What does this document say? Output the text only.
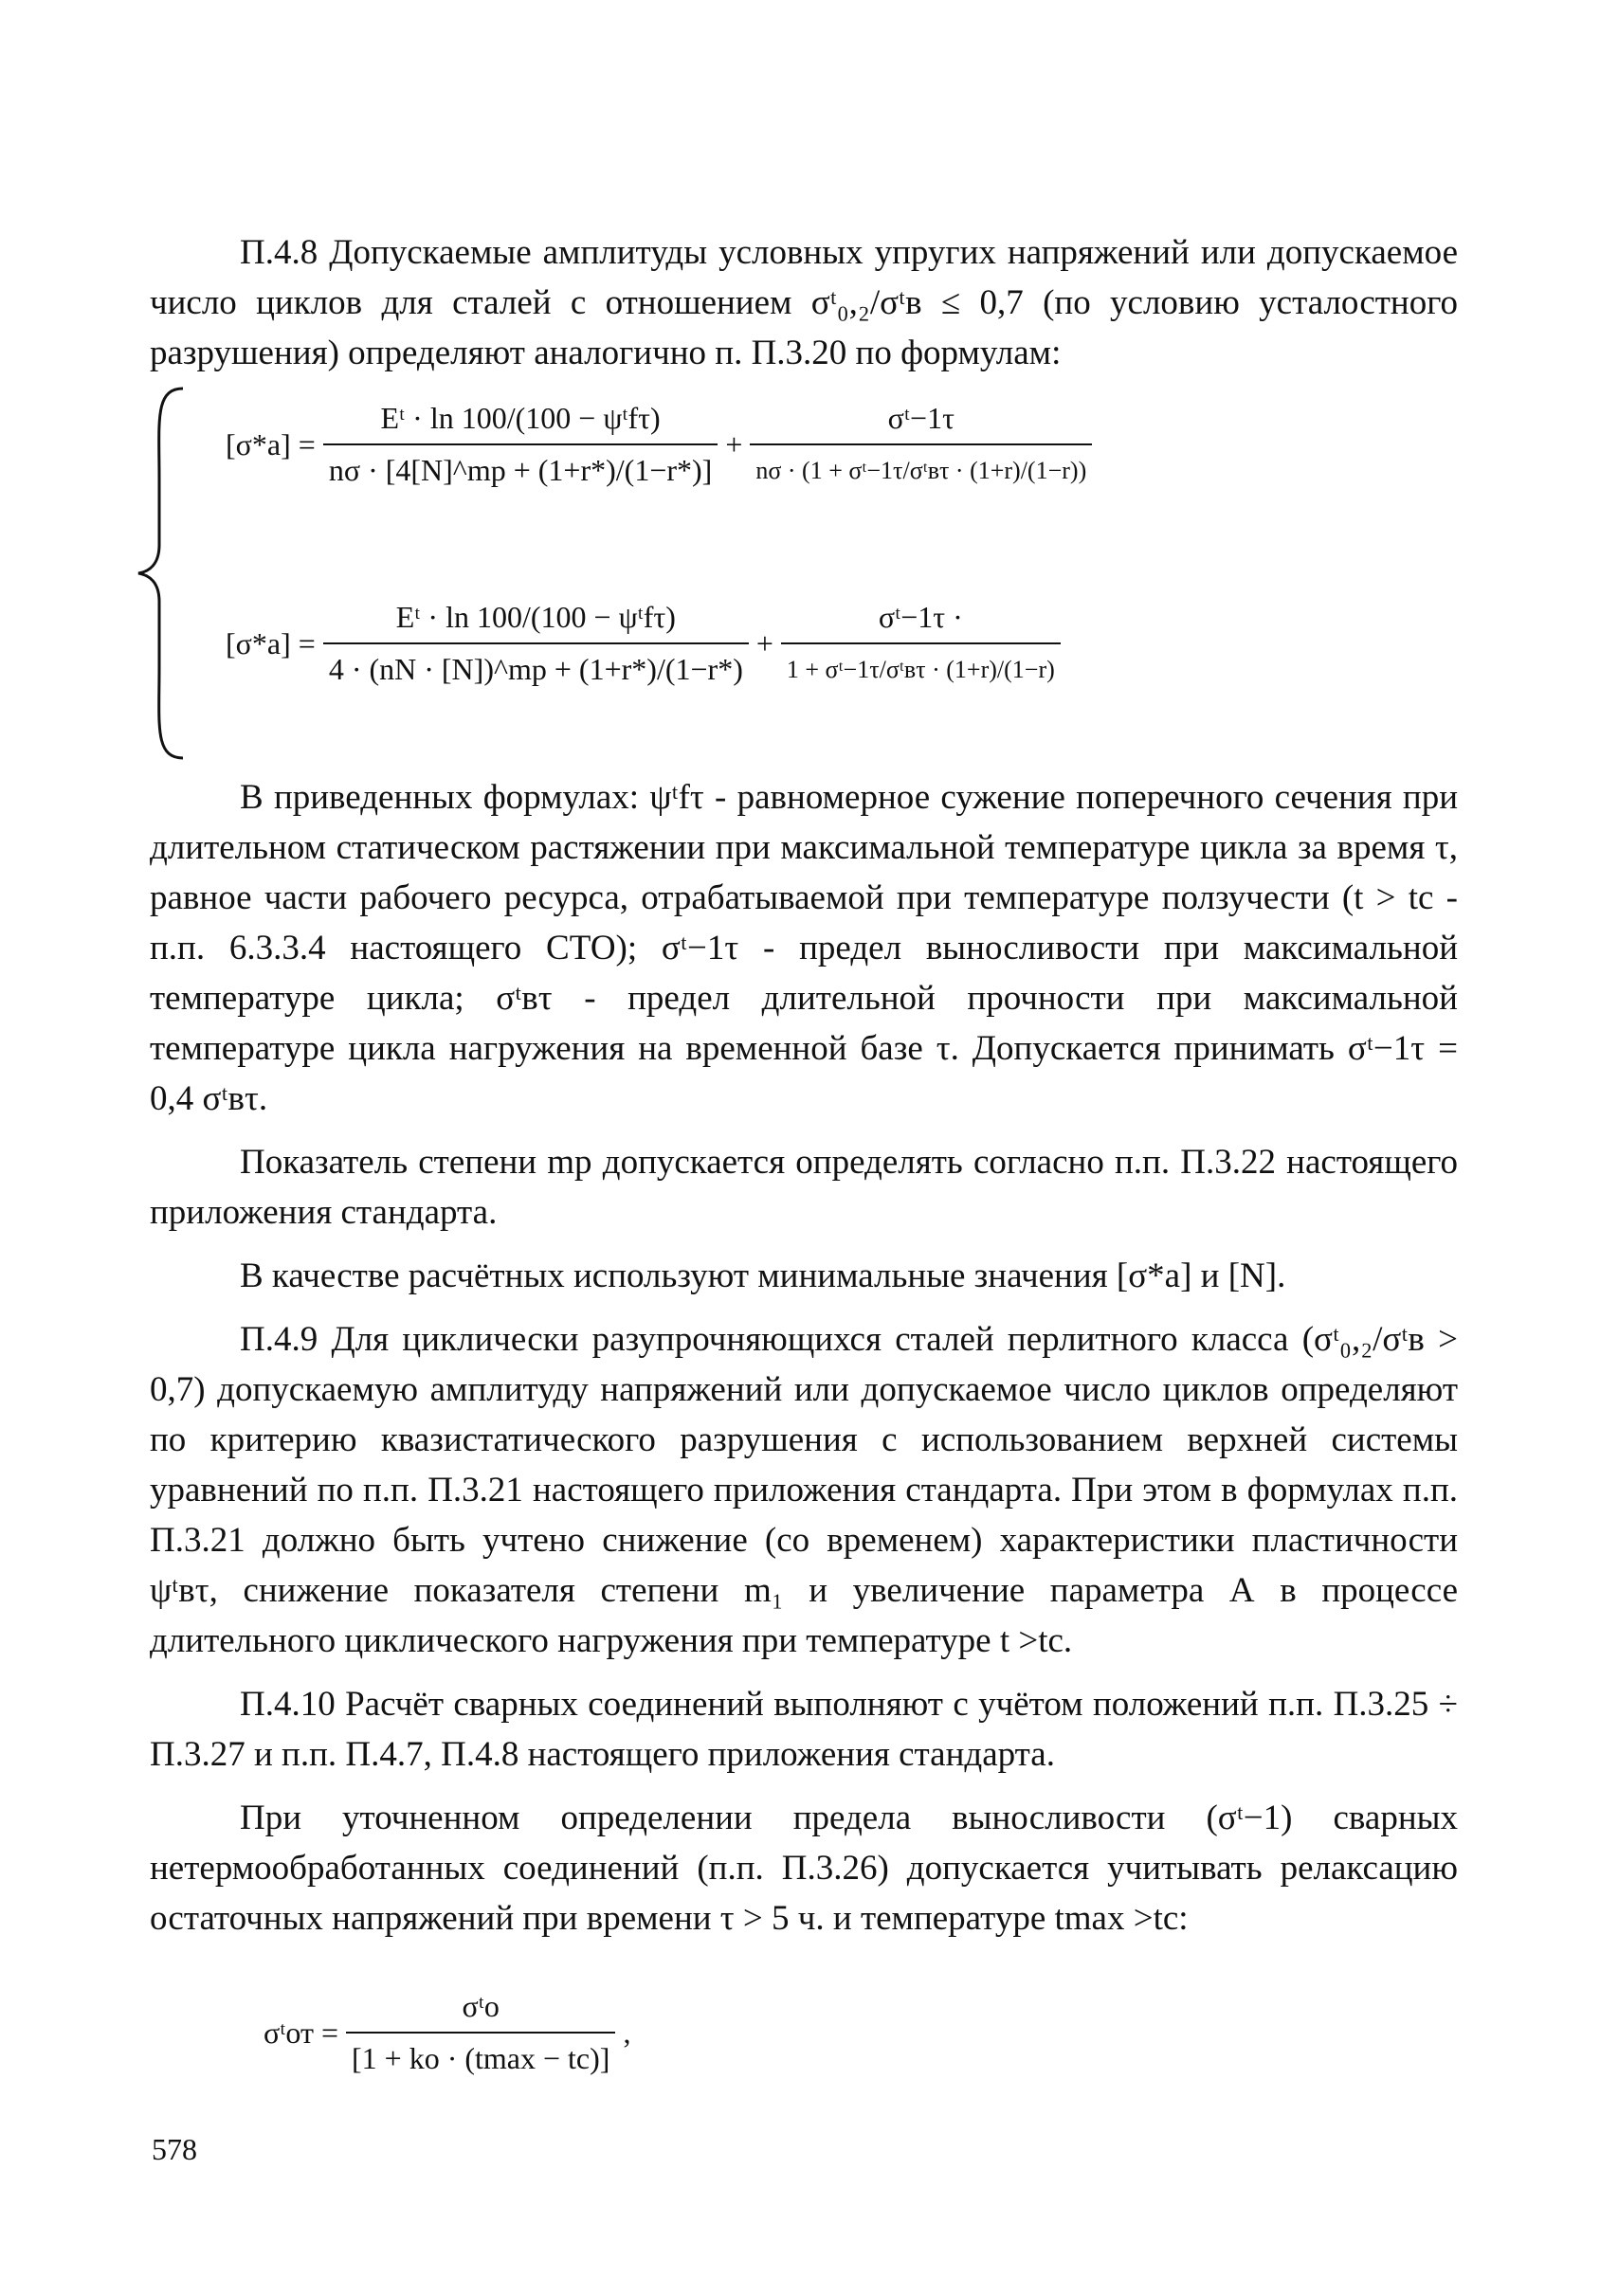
П.4.8 Допускаемые амплитуды условных упругих напряжений или допускаемое число циклов для сталей с отношением σᵗ₀,₂/σᵗв ≤ 0,7 (по условию усталостного разрушения) определяют аналогично п. П.3.20 по формулам:

$[\sigma*a] = \frac{\text{Eᵗ · ln 100/(100 − ψᵗfτ)}}{n\sigma \cdot [4[N]\^{}mp + (1+r*)/(1-r*)]} + \frac{\text{σᵗ−1τ}}{\text{nσ · (1 + σᵗ−1τ/σᵗвτ · (1+r)/(1−r))}}$
$[\sigma*a] = \frac{\text{Eᵗ · ln 100/(100 − ψᵗfτ)}}{4 \cdot (nN \cdot [N])\^{}mp + (1+r*)/(1-r*)} + \frac{\text{σᵗ−1τ ·}}{\text{1 + σᵗ−1τ/σᵗвτ · (1+r)/(1−r)}}$

В приведенных формулах: ψᵗfτ - равномерное сужение поперечного сечения при длительном статическом растяжении при максимальной температуре цикла за время τ, равное части рабочего ресурса, отрабатываемой при температуре ползучести (t > tc - п.п. 6.3.3.4 настоящего СТО); σᵗ−1τ - предел выносливости при максимальной температуре цикла; σᵗвτ - предел длительной прочности при максимальной температуре цикла нагружения на временной базе τ. Допускается принимать σᵗ−1τ = 0,4 σᵗвτ.

Показатель степени mp допускается определять согласно п.п. П.3.22 настоящего приложения стандарта.

В качестве расчётных используют минимальные значения [σ*a] и [N].

П.4.9 Для циклически разупрочняющихся сталей перлитного класса (σᵗ₀,₂/σᵗв > 0,7) допускаемую амплитуду напряжений или допускаемое число циклов определяют по критерию квазистатического разрушения с использованием верхней системы уравнений по п.п. П.3.21 настоящего приложения стандарта. При этом в формулах п.п. П.3.21 должно быть учтено снижение (со временем) характеристики пластичности ψᵗвτ, снижение показателя степени m₁ и увеличение параметра А в процессе длительного циклического нагружения при температуре t >tc.

П.4.10 Расчёт сварных соединений выполняют с учётом положений п.п. П.3.25 ÷ П.3.27 и п.п. П.4.7, П.4.8 настоящего приложения стандарта.

При уточненном определении предела выносливости (σᵗ−1) сварных нетермообработанных соединений (п.п. П.3.26) допускается учитывать релаксацию остаточных напряжений при времени τ > 5 ч. и температуре tmax >tc:

σᵗот = $\frac{\text{σᵗо}}{[1 + kо \cdot (tmax - tc)]}$ ,
578
